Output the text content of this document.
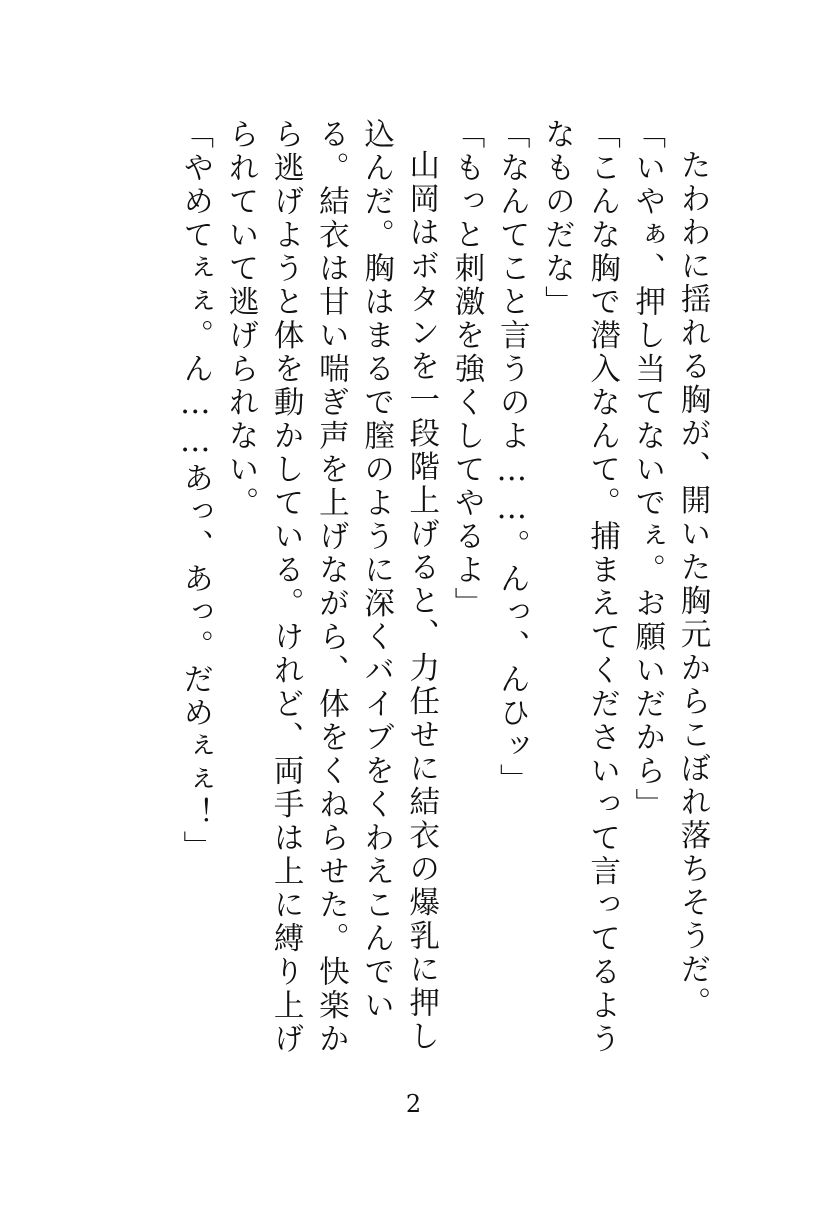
たわわに揺れる胸が、開いた胸元からこぼれ落ちそうだ。

「いやぁ、押し当てないでぇ。お願いだから」

「こんな胸で潜入なんて。捕まえてくださいって言ってるようなものだな」

「なんてこと言うのよ……。んっ、んひッ」

「もっと刺激を強くしてやるよ」

山岡はボタンを一段階上げると、力任せに結衣の爆乳に押し込んだ。胸はまるで膣のように深くバイブをくわえこんでいる。結衣は甘い喘ぎ声を上げながら、体をくねらせた。快楽から逃げようと体を動かしている。けれど、両手は上に縛り上げられていて逃げられない。

「やめてぇぇ。ん……あっ、あっ。だめぇぇ！」

2
